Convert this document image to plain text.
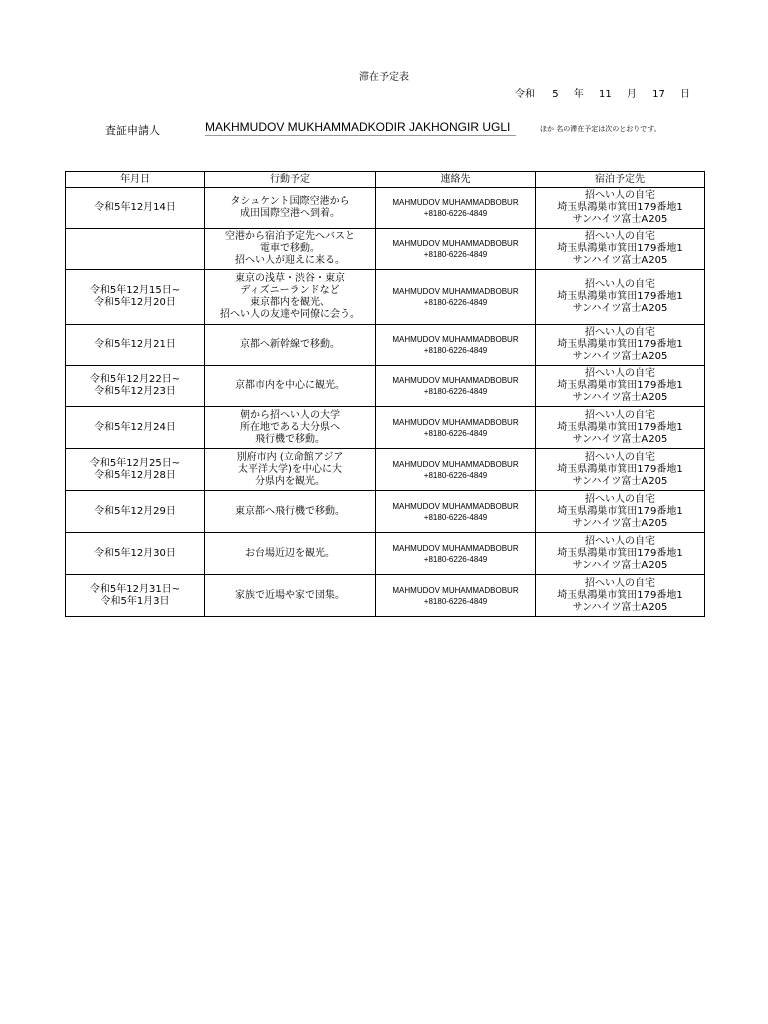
滞在予定表
令和 5 年 11 月 17 日
査証申請人	MAKHMUDOV MUKHAMMADKODIR JAKHONGIR UGLI	ほか 名の滞在予定は次のとおりです。
年月日	行動予定	連絡先	宿泊予定先

令和5年12月14日	タシュケント国際空港から
成田国際空港へ到着。	MAHMUDOV MUHAMMADBOBUR
+8180-6226-4849	招へい人の自宅
埼玉県鴻巣市箕田179番地1
サンハイツ富士A205

	空港から宿泊予定先へバスと
電車で移動。
招へい人が迎えに来る。	MAHMUDOV MUHAMMADBOBUR
+8180-6226-4849	招へい人の自宅
埼玉県鴻巣市箕田179番地1
サンハイツ富士A205

令和5年12月15日~
令和5年12月20日	東京の浅草・渋谷・東京
ディズニーランドなど
東京都内を観光、
招へい人の友達や同僚に会う。	MAHMUDOV MUHAMMADBOBUR
+8180-6226-4849	招へい人の自宅
埼玉県鴻巣市箕田179番地1
サンハイツ富士A205

令和5年12月21日	京都へ新幹線で移動。	MAHMUDOV MUHAMMADBOBUR
+8180-6226-4849	招へい人の自宅
埼玉県鴻巣市箕田179番地1
サンハイツ富士A205

令和5年12月22日~
令和5年12月23日	京都市内を中心に観光。	MAHMUDOV MUHAMMADBOBUR
+8180-6226-4849	招へい人の自宅
埼玉県鴻巣市箕田179番地1
サンハイツ富士A205

令和5年12月24日	朝から招へい人の大学
所在地である大分県へ
飛行機で移動。	MAHMUDOV MUHAMMADBOBUR
+8180-6226-4849	招へい人の自宅
埼玉県鴻巣市箕田179番地1
サンハイツ富士A205

令和5年12月25日~
令和5年12月28日	別府市内 (立命館アジア
太平洋大学)を中心に大
分県内を観光。	MAHMUDOV MUHAMMADBOBUR
+8180-6226-4849	招へい人の自宅
埼玉県鴻巣市箕田179番地1
サンハイツ富士A205

令和5年12月29日	東京都へ飛行機で移動。	MAHMUDOV MUHAMMADBOBUR
+8180-6226-4849	招へい人の自宅
埼玉県鴻巣市箕田179番地1
サンハイツ富士A205

令和5年12月30日	お台場近辺を観光。	MAHMUDOV MUHAMMADBOBUR
+8180-6226-4849	招へい人の自宅
埼玉県鴻巣市箕田179番地1
サンハイツ富士A205

令和5年12月31日~
令和5年1月3日	家族で近場や家で団集。	MAHMUDOV MUHAMMADBOBUR
+8180-6226-4849	招へい人の自宅
埼玉県鴻巣市箕田179番地1
サンハイツ富士A205
